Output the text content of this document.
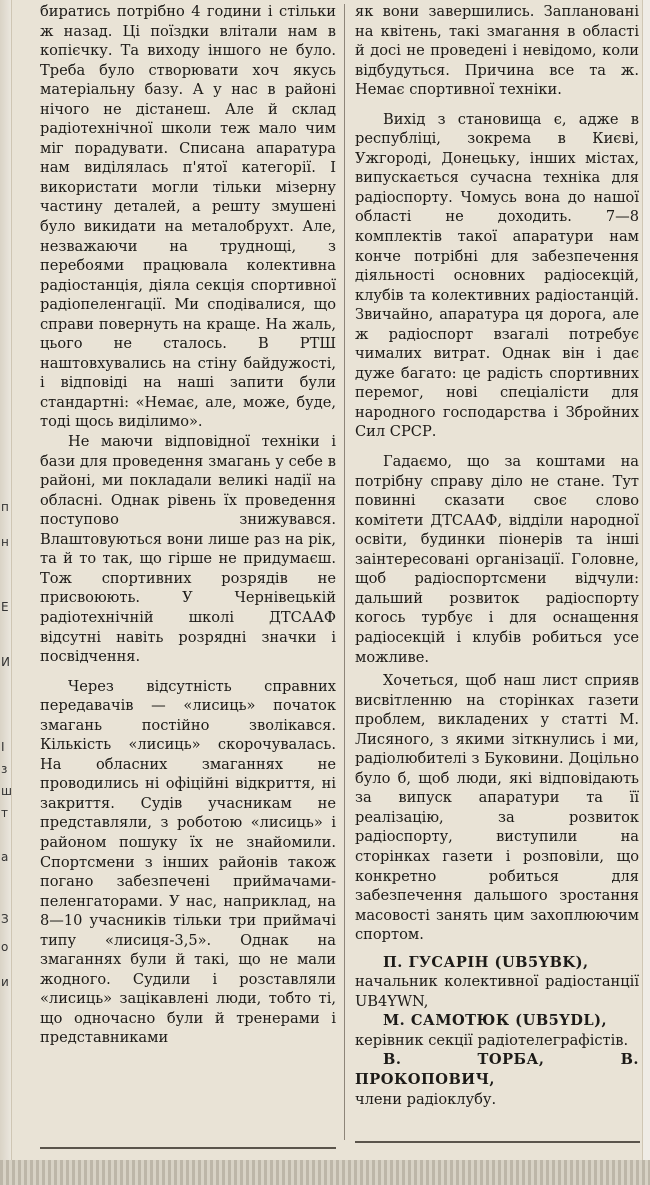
п
н
Е
И
І
з
ш
т
а
З
о
и

биратись потрібно 4 години і стільки ж назад. Ці поїздки влітали нам в копієчку. Та виходу іншого не було. Треба було створювати хоч якусь матеріальну базу. А у нас в районі нічого не дістанеш. Але й склад радіотехнічної школи теж мало чим міг порадувати. Списана апаратура нам виділялась п'ятої категорії. І використати могли тільки мізерну частину деталей, а решту змушені було викидати на металобрухт. Але, незважаючи на труднощі, з перебоями працювала колективна радіостанція, діяла секція спортивної радіопеленгації. Ми сподівалися, що справи повернуть на краще. На жаль, цього не сталось. В РТШ наштовхувались на стіну байдужості, і відповіді на наші запити були стандартні: «Немає, але, може, буде, тоді щось виділимо».

Не маючи відповідної техніки і бази для проведення змагань у себе в районі, ми покладали великі надії на обласні. Однак рівень їх проведення поступово знижувався. Влаштовуються вони лише раз на рік, та й то так, що гірше не придумаєш. Тож спортивних розрядів не присвоюють. У Чернівецькій радіотехнічній школі ДТСААФ відсутні навіть розрядні значки і посвідчення.

Через відсутність справних передавачів — «лисиць» початок змагань постійно зволікався. Кількість «лисиць» скорочувалась. На обласних змаганнях не проводились ні офіційні відкриття, ні закриття. Судів учасникам не представляли, з роботою «лисиць» і районом пошуку їх не знайомили. Спортсмени з інших районів також погано забезпечені приймачами-пеленгаторами. У нас, наприклад, на 8—10 учасників тільки три приймачі типу «лисиця-3,5». Однак на змаганнях були й такі, що не мали жодного. Судили і розставляли «лисиць» зацікавлені люди, тобто ті, що одночасно були й тренерами і представниками

як вони завершились. Заплановані на квітень, такі змагання в області й досі не проведені і невідомо, коли відбудуться. Причина все та ж. Немає спортивної техніки.

Вихід з становища є, адже в республіці, зокрема в Києві, Ужгороді, Донецьку, інших містах, випускається сучасна техніка для радіоспорту. Чомусь вона до нашої області не доходить. 7—8 комплектів такої апаратури нам конче потрібні для забезпечення діяльності основних радіосекцій, клубів та колективних радіостанцій. Звичайно, апаратура ця дорога, але ж радіоспорт взагалі потребує чималих витрат. Однак він і дає дуже багато: це радість спортивних перемог, нові спеціалісти для народного господарства і Збройних Сил СРСР.

Гадаємо, що за коштами на потрібну справу діло не стане. Тут повинні сказати своє слово комітети ДТСААФ, відділи народної освіти, будинки піонерів та інші заінтересовані організації. Головне, щоб радіоспортсмени відчули: дальший розвиток радіоспорту когось турбує і для оснащення радіосекцій і клубів робиться усе можливе.

Хочеться, щоб наш лист сприяв висвітленню на сторінках газети проблем, викладених у статті М. Лисяного, з якими зіткнулись і ми, радіолюбителі з Буковини. Доцільно було б, щоб люди, які відповідають за випуск апаратури та її реалізацію, за розвиток радіоспорту, виступили на сторінках газети і розповіли, що конкретно робиться для забезпечення дальшого зростання масовості занять цим захоплюючим спортом.

П. ГУСАРІН (UB5YBK),

начальник колективної радіостанції UB4YWN,

М. САМОТЮК (UB5YDL),

керівник секції радіотелеграфістів.

В. ТОРБА, В. ПРОКОПОВИЧ,

члени радіоклубу.
